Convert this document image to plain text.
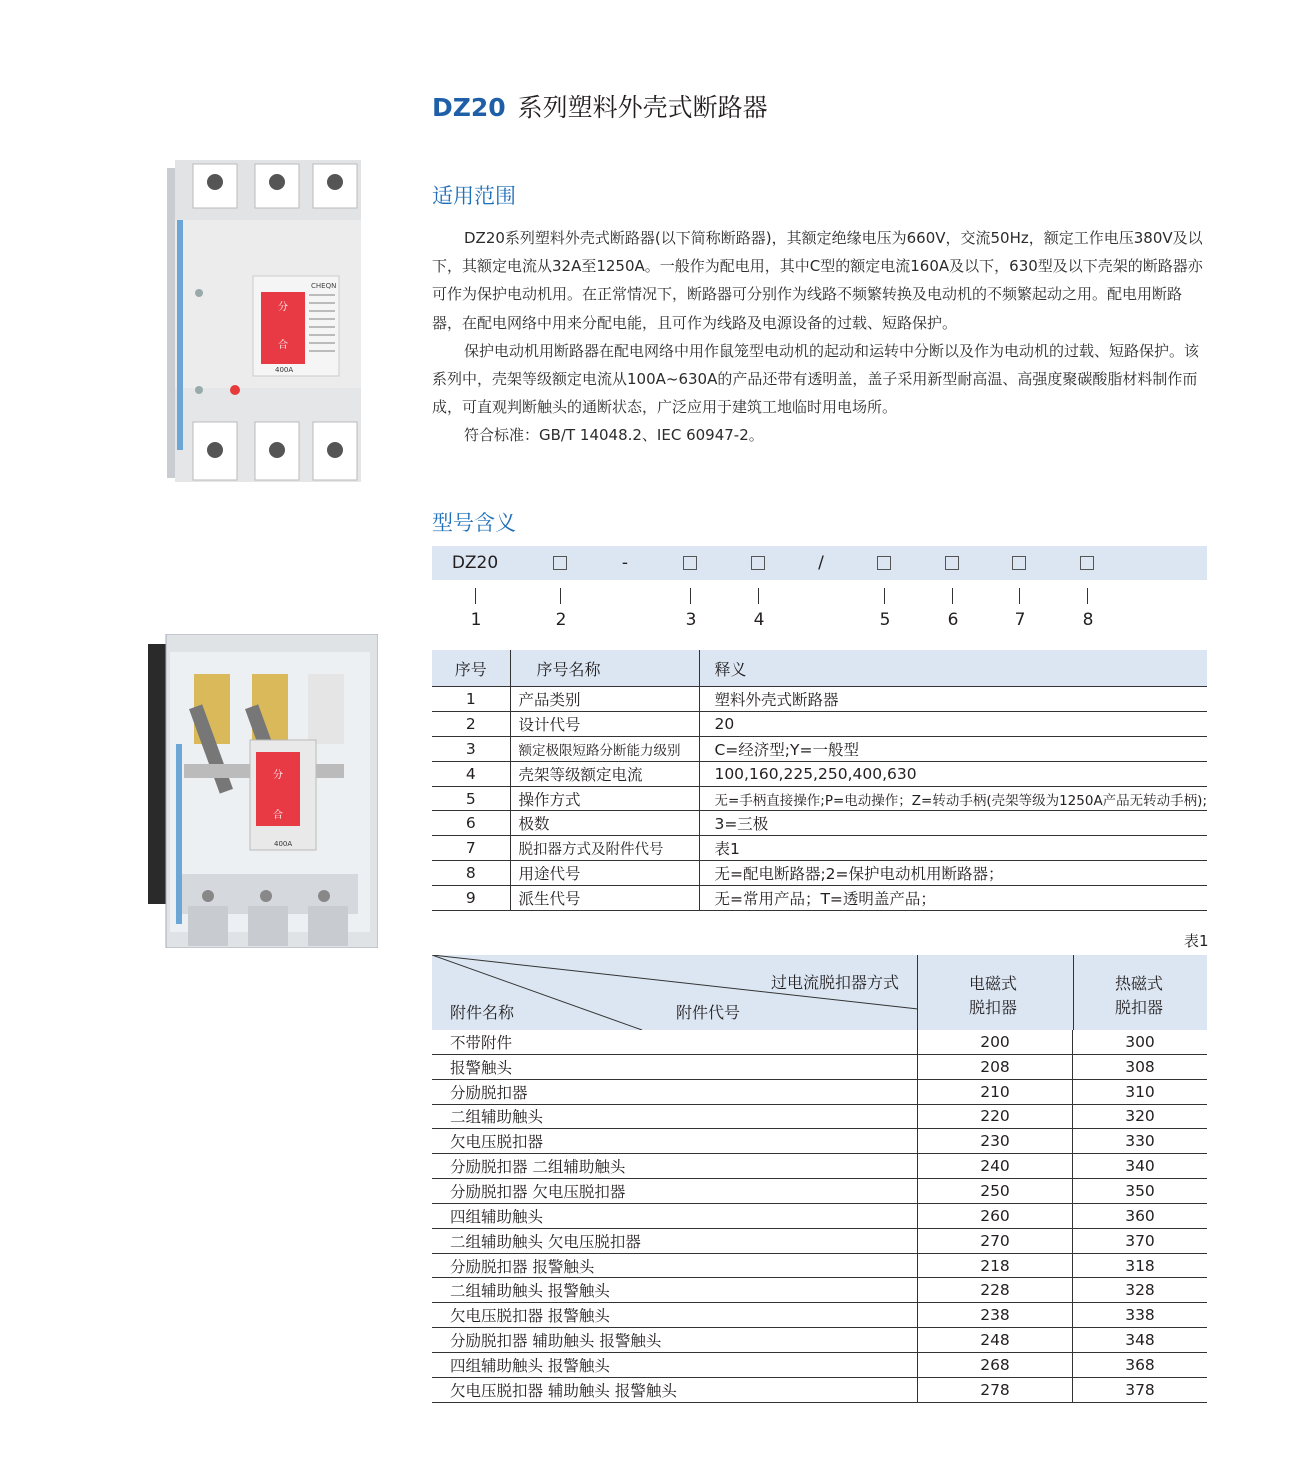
DZ20 系列塑料外壳式断路器
分
合
CHEQN
400A
分
合
400A
适用范围

DZ20系列塑料外壳式断路器(以下简称断路器)，其额定绝缘电压为660V，交流50Hz，额定工作电压380V及以下，其额定电流从32A至1250A。一般作为配电用，其中C型的额定电流160A及以下，630型及以下壳架的断路器亦可作为保护电动机用。在正常情况下，断路器可分别作为线路不频繁转换及电动机的不频繁起动之用。配电用断路器，在配电网络中用来分配电能，且可作为线路及电源设备的过载、短路保护。

保护电动机用断路器在配电网络中用作鼠笼型电动机的起动和运转中分断以及作为电动机的过载、短路保护。该系列中，壳架等级额定电流从100A~630A的产品还带有透明盖，盖子采用新型耐高温、高强度聚碳酸脂材料制作而成，可直观判断触头的通断状态，广泛应用于建筑工地临时用电场所。

符合标准：GB/T 14048.2、IEC 60947-2。

型号含义
DZ20	-	/
1	2	3	4	5	6	7	8
序号	序号名称	释义
1	产品类别	塑料外壳式断路器
2	设计代号	20
3	额定极限短路分断能力级别	C=经济型;Y=一般型
4	壳架等级额定电流	100,160,225,250,400,630
5	操作方式	无=手柄直接操作;P=电动操作；Z=转动手柄(壳架等级为1250A产品无转动手柄);
6	极数	3=三极
7	脱扣器方式及附件代号	表1
8	用途代号	无=配电断路器;2=保护电动机用断路器；
9	派生代号	无=常用产品；T=透明盖产品；
表1
过电流脱扣器方式
附件名称	附件代号
电磁式
脱扣器
热磁式
脱扣器
不带附件	200	300
报警触头	208	308
分励脱扣器	210	310
二组辅助触头	220	320
欠电压脱扣器	230	330
分励脱扣器 二组辅助触头	240	340
分励脱扣器 欠电压脱扣器	250	350
四组辅助触头	260	360
二组辅助触头 欠电压脱扣器	270	370
分励脱扣器 报警触头	218	318
二组辅助触头 报警触头	228	328
欠电压脱扣器 报警触头	238	338
分励脱扣器 辅助触头 报警触头	248	348
四组辅助触头 报警触头	268	368
欠电压脱扣器 辅助触头 报警触头	278	378
